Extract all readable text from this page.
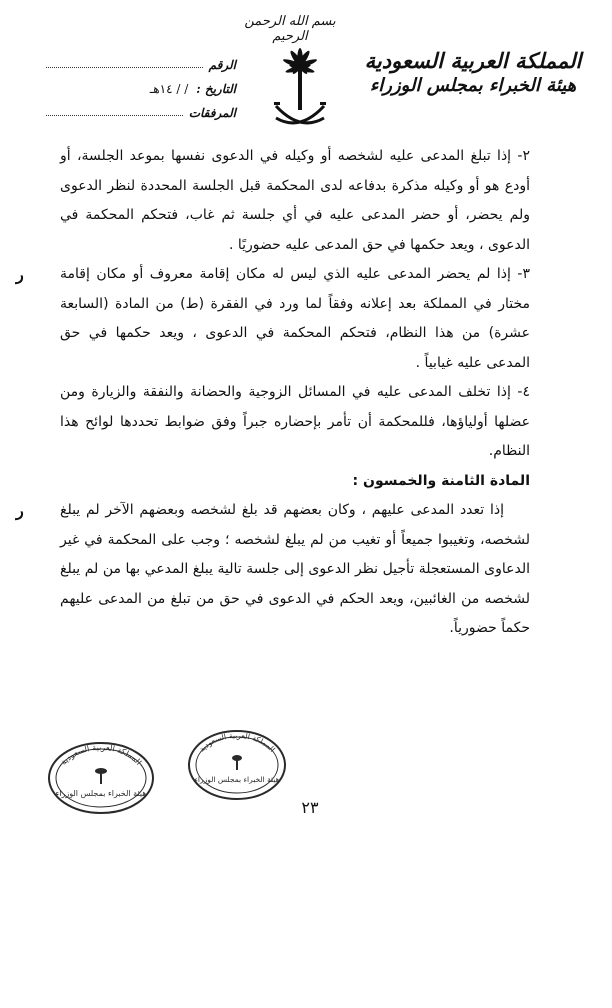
بسم الله الرحمن الرحيم
المملكة العربية السعودية
هيئة الخبراء بمجلس الوزراء
الرقم
التاريخ :
/ / ١٤هـ
المرفقات

٢- إذا تبلغ المدعى عليه لشخصه أو وكيله في الدعوى نفسها بموعد الجلسة، أو أودع هو أو وكيله مذكرة بدفاعه لدى المحكمة قبل الجلسة المحددة لنظر الدعوى ولم يحضر، أو حضر المدعى عليه في أي جلسة ثم غاب، فتحكم المحكمة في الدعوى ، ويعد حكمها في حق المدعى عليه حضوريًا .

ر	٣- إذا لم يحضر المدعى عليه الذي ليس له مكان إقامة معروف أو مكان إقامة مختار في المملكة بعد إعلانه وفقاً لما ورد في الفقرة (ط) من المادة (السابعة عشرة) من هذا النظام، فتحكم المحكمة في الدعوى ، ويعد حكمها في حق المدعى عليه غيابياً .

٤- إذا تخلف المدعى عليه في المسائل الزوجية والحضانة والنفقة والزيارة ومن عضلها أولياؤها، فللمحكمة أن تأمر بإحضاره جبراً وفق ضوابط تحددها لوائح هذا النظام.

المادة الثامنة والخمسون :

ر	إذا تعدد المدعى عليهم ، وكان بعضهم قد بلغ لشخصه وبعضهم الآخر لم يبلغ لشخصه، وتغيبوا جميعاً أو تغيب من لم يبلغ لشخصه ؛ وجب على المحكمة في غير الدعاوى المستعجلة تأجيل نظر الدعوى إلى جلسة تالية يبلغ المدعي بها من لم يبلغ لشخصه من الغائبين، ويعد الحكم في الدعوى في حق من تبلغ من المدعى عليهم حكماً حضورياً.

المملكة العربية السعودية
هيئة الخبراء بمجلس الوزراء
المملكة العربية السعودية
هيئة الخبراء بمجلس الوزراء
٢٣
